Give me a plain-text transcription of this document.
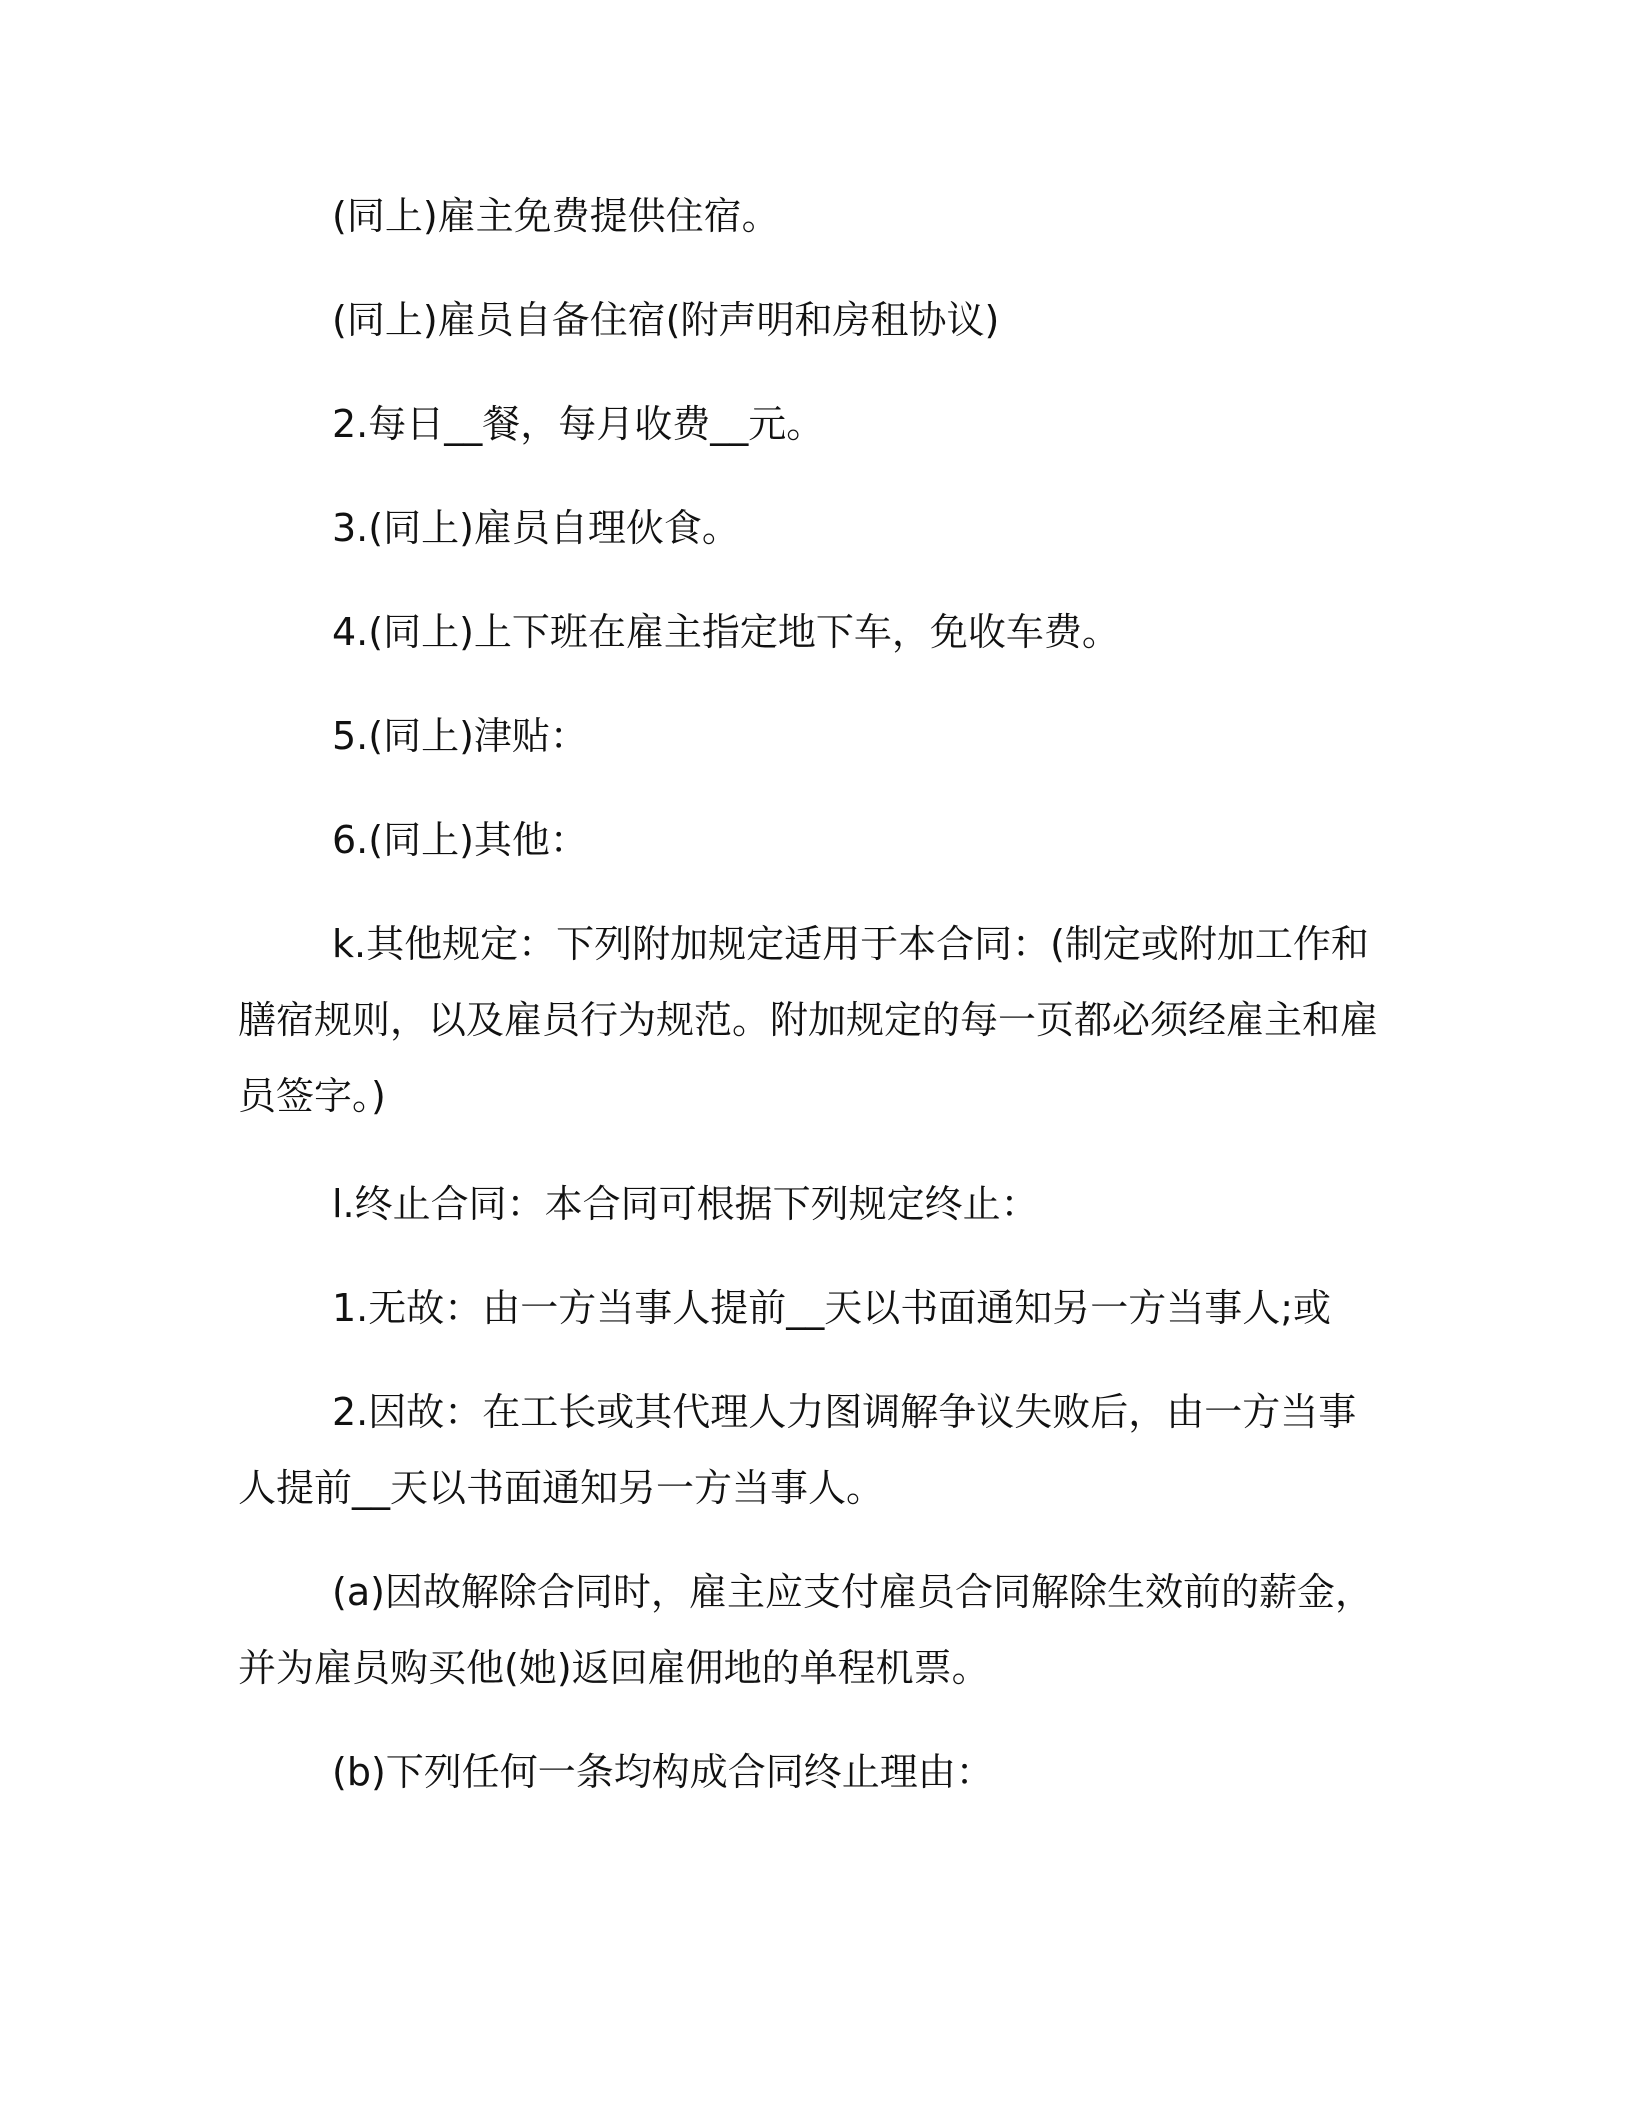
(同上)雇主免费提供住宿。

(同上)雇员自备住宿(附声明和房租协议)

2.每日__餐，每月收费__元。

3.(同上)雇员自理伙食。

4.(同上)上下班在雇主指定地下车，免收车费。

5.(同上)津贴：

6.(同上)其他：

k.其他规定：下列附加规定适用于本合同：(制定或附加工作和膳宿规则，以及雇员行为规范。附加规定的每一页都必须经雇主和雇员签字。)

l.终止合同：本合同可根据下列规定终止：

1.无故：由一方当事人提前__天以书面通知另一方当事人;或

2.因故：在工长或其代理人力图调解争议失败后，由一方当事人提前__天以书面通知另一方当事人。

(a)因故解除合同时，雇主应支付雇员合同解除生效前的薪金，并为雇员购买他(她)返回雇佣地的单程机票。

(b)下列任何一条均构成合同终止理由：
